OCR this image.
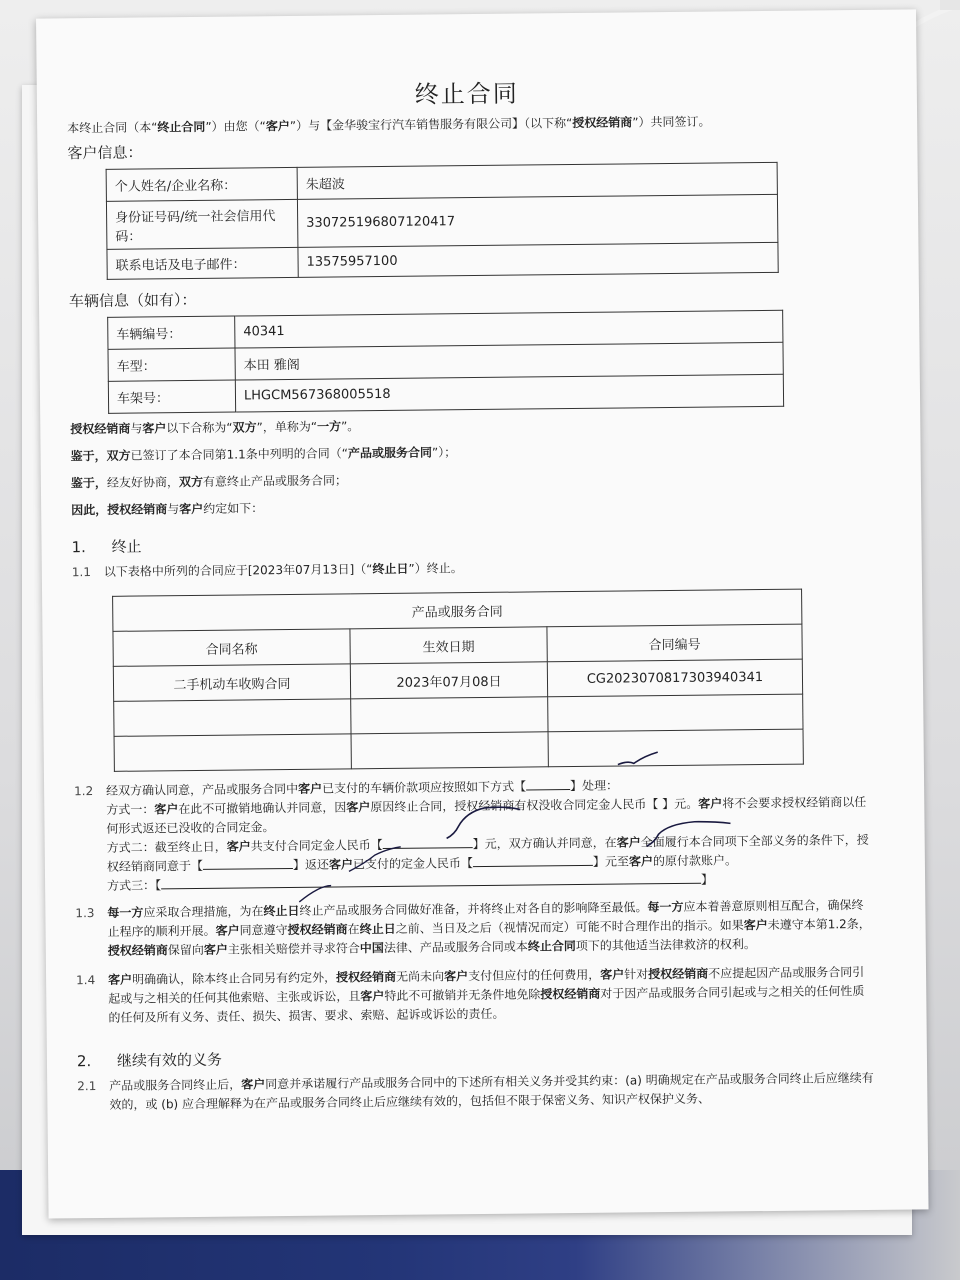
终止合同
本终止合同（本“终止合同”）由您（“客户”）与【金华骏宝行汽车销售服务有限公司】（以下称“授权经销商”）共同签订。
客户信息：
个人姓名/企业名称：	朱超波
身份证号码/统一社会信用代码：	330725196807120417
联系电话及电子邮件：	13575957100
车辆信息（如有）：
车辆编号：	40341
车型：	本田 雅阁
车架号：	LHGCM567368005518
授权经销商与客户以下合称为“双方”，单称为“一方”。
鉴于，双方已签订了本合同第1.1条中列明的合同（“产品或服务合同”）；
鉴于，经友好协商，双方有意终止产品或服务合同；
因此，授权经销商与客户约定如下：
1. 终止
1.1	以下表格中所列的合同应于[2023年07月13日]（“终止日”）终止。
产品或服务合同		
合同名称	生效日期	合同编号
二手机动车收购合同	2023年07月08日	CG2023070817303940341

1.2	经双方确认同意，产品或服务合同中客户已支付的车辆价款项应按照如下方式【	】处理：
方式一：客户在此不可撤销地确认并同意，因客户原因终止合同，授权经销商有权没收合同定金人民币【 】元。客户将不会要求授权经销商以任何形式返还已没收的合同定金。
方式二：截至终止日，客户共支付合同定金人民币【	】元，双方确认并同意，在客户全面履行本合同项下全部义务的条件下，授权经销商同意于【	】返还客户已支付的定金人民币【	】元至客户的原付款账户。
方式三：【	】
1.3	每一方应采取合理措施，为在终止日终止产品或服务合同做好准备，并将终止对各自的影响降至最低。每一方应本着善意原则相互配合，确保终止程序的顺利开展。客户同意遵守授权经销商在终止日之前、当日及之后（视情况而定）可能不时合理作出的指示。如果客户未遵守本第1.2条，授权经销商保留向客户主张相关赔偿并寻求符合中国法律、产品或服务合同或本终止合同项下的其他适当法律救济的权利。
1.4	客户明确确认，除本终止合同另有约定外，授权经销商无尚未向客户支付但应付的任何费用，客户针对授权经销商不应提起因产品或服务合同引起或与之相关的任何其他索赔、主张或诉讼，且客户特此不可撤销并无条件地免除授权经销商对于因产品或服务合同引起或与之相关的任何性质的任何及所有义务、责任、损失、损害、要求、索赔、起诉或诉讼的责任。
2. 继续有效的义务
2.1	产品或服务合同终止后，客户同意并承诺履行产品或服务合同中的下述所有相关义务并受其约束：(a) 明确规定在产品或服务合同终止后应继续有效的，或 (b) 应合理解释为在产品或服务合同终止后应继续有效的，包括但不限于保密义务、知识产权保护义务、
